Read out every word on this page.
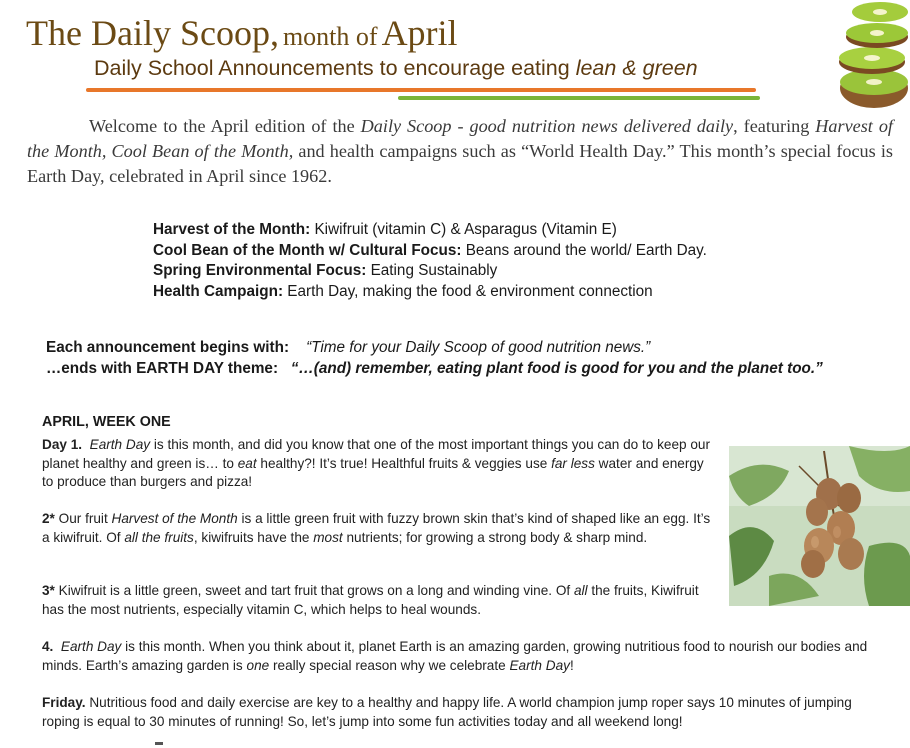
The Daily Scoop, month of April
Daily School Announcements to encourage eating lean & green

Welcome to the April edition of the Daily Scoop - good nutrition news delivered daily, featuring Harvest of the Month, Cool Bean of the Month, and health campaigns such as “World Health Day.” This month’s special focus is Earth Day, celebrated in April since 1962.

Harvest of the Month: Kiwifruit (vitamin C) & Asparagus (Vitamin E)
Cool Bean of the Month w/ Cultural Focus: Beans around the world/ Earth Day.
Spring Environmental Focus: Eating Sustainably
Health Campaign: Earth Day, making the food & environment connection
Each announcement begins with: “Time for your Daily Scoop of good nutrition news.”
…ends with EARTH DAY theme: “…(and) remember, eating plant food is good for you and the planet too.”
APRIL, WEEK ONE

Day 1. Earth Day is this month, and did you know that one of the most important things you can do to keep our planet healthy and green is… to eat healthy?! It’s true! Healthful fruits & veggies use far less water and energy to produce than burgers and pizza!

2* Our fruit Harvest of the Month is a little green fruit with fuzzy brown skin that’s kind of shaped like an egg. It’s a kiwifruit. Of all the fruits, kiwifruits have the most nutrients; for growing a strong body & sharp mind.

3* Kiwifruit is a little green, sweet and tart fruit that grows on a long and winding vine. Of all the fruits, Kiwifruit has the most nutrients, especially vitamin C, which helps to heal wounds.

4. Earth Day is this month. When you think about it, planet Earth is an amazing garden, growing nutritious food to nourish our bodies and minds. Earth’s amazing garden is one really special reason why we celebrate Earth Day!

Friday. Nutritious food and daily exercise are key to a healthy and happy life. A world champion jump roper says 10 minutes of jumping roping is equal to 30 minutes of running! So, let’s jump into some fun activities today and all weekend long!
